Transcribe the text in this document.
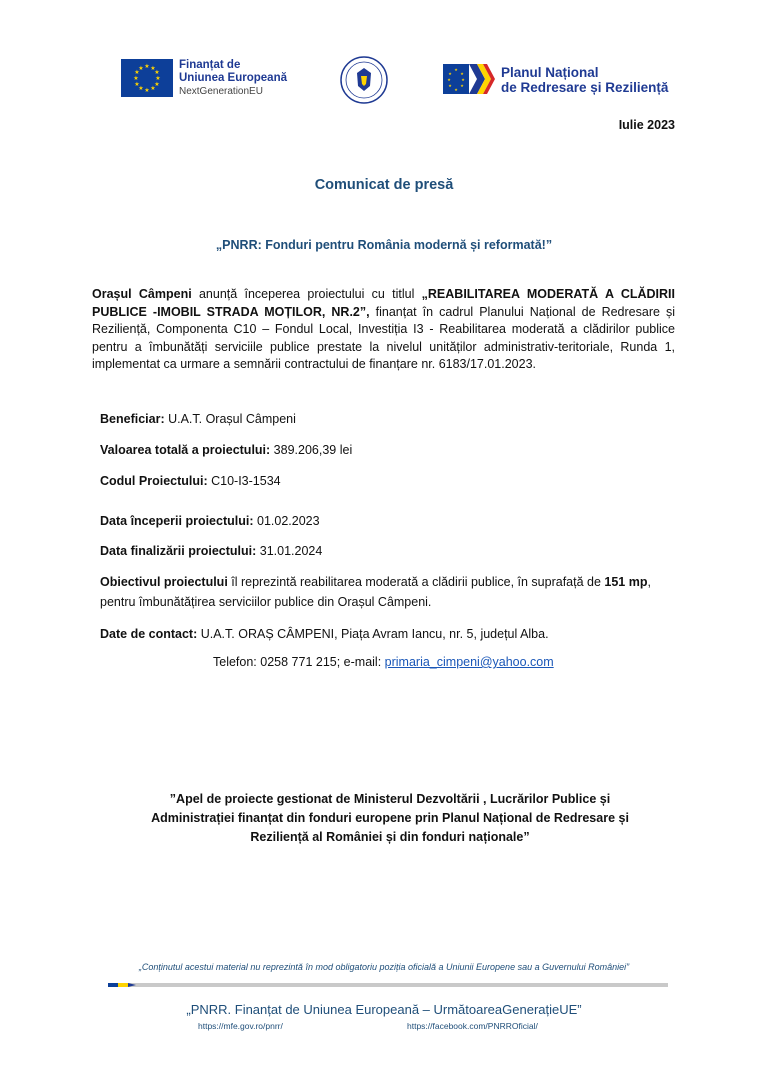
★ ★
★
★
★
★
★
★
★
★
★
★	Finanțat de
Uniunea Europeană
NextGenerationEU
★
★
★
★
★
★
★
★	Planul Național
de Redresare și Reziliență
Iulie 2023
Comunicat de presă
„PNRR: Fonduri pentru România modernă și reformată!”
Orașul Câmpeni anunță începerea proiectului cu titlul „REABILITAREA MODERATĂ A CLĂDIRII PUBLICE -IMOBIL STRADA MOȚILOR, NR.2”, finanțat în cadrul Planului Național de Redresare și Reziliență, Componenta C10 – Fondul Local, Investiția I3 - Reabilitarea moderată a clădirilor publice pentru a îmbunătăți serviciile publice prestate la nivelul unităților administrativ-teritoriale, Runda 1, implementat ca urmare a semnării contractului de finanțare nr. 6183/17.01.2023.
Beneficiar: U.A.T. Orașul Câmpeni
Valoarea totală a proiectului: 389.206,39 lei
Codul Proiectului: C10-I3-1534
Data începerii proiectului: 01.02.2023
Data finalizării proiectului: 31.01.2024
Obiectivul proiectului îl reprezintă reabilitarea moderată a clădirii publice, în suprafață de 151 mp, pentru îmbunătățirea serviciilor publice din Orașul Câmpeni.
Date de contact: U.A.T. ORAȘ CÂMPENI, Piața Avram Iancu, nr. 5, județul Alba.
Telefon: 0258 771 215; e-mail: primaria_cimpeni@yahoo.com
”Apel de proiecte gestionat de Ministerul Dezvoltării , Lucrărilor Publice și
Administrației finanțat din fonduri europene prin Planul Național de Redresare și
Reziliență al României și din fonduri naționale”
„Conținutul acestui material nu reprezintă în mod obligatoriu poziția oficială a Uniunii Europene sau a Guvernului României”
„PNRR. Finanțat de Uniunea Europeană – UrmătoareaGenerațieUE”
https://mfe.gov.ro/pnrr/	https://facebook.com/PNRROficial/
